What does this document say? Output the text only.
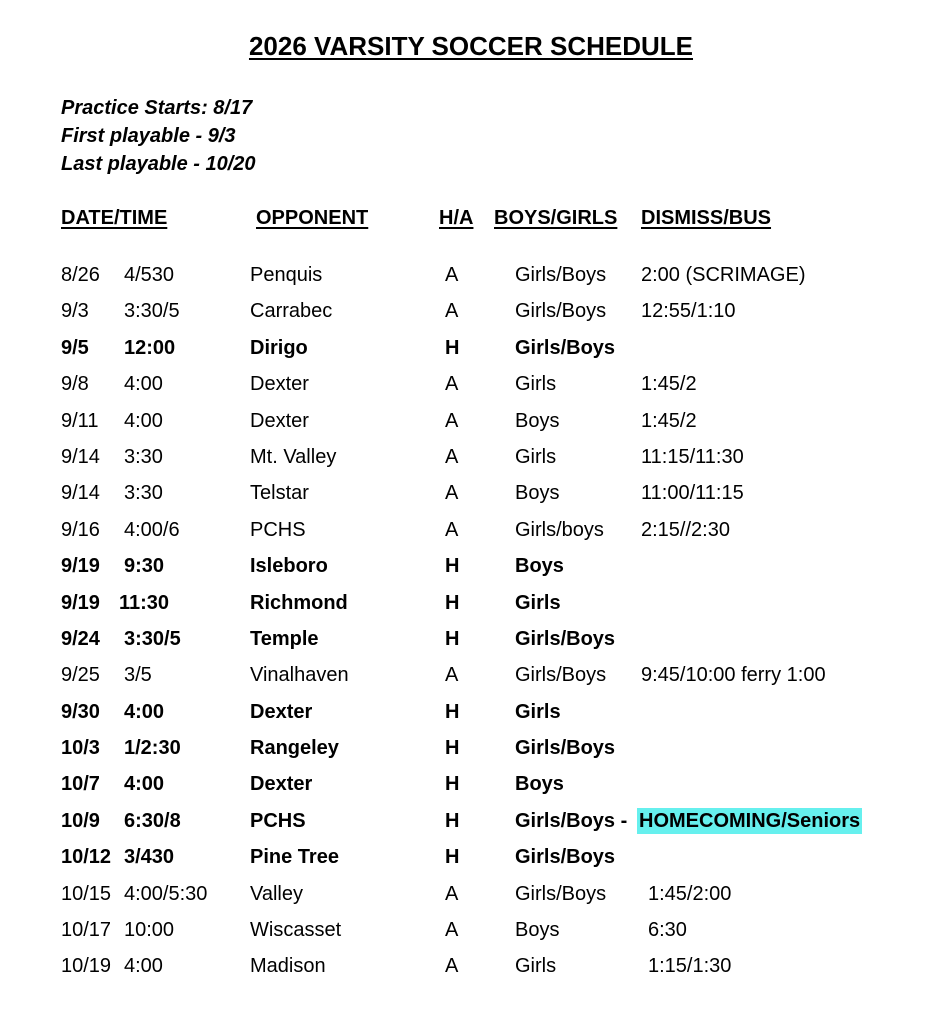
2026 VARSITY SOCCER SCHEDULE

Practice Starts: 8/17

First playable - 9/3

Last playable - 10/20

DATE/TIME	OPPONENT	H/A BOYS/GIRLS DISMISS/BUS

8/26 4/530	Penquis	A	Girls/Boys 2:00 (SCRIMAGE)
9/3 3:30/5	Carrabec	A	Girls/Boys 12:55/1:10
9/5 12:00	Dirigo	H	Girls/Boys
9/8 4:00	Dexter	A	Girls	1:45/2
9/11 4:00	Dexter	A	Boys	1:45/2
9/14 3:30	Mt. Valley	A	Girls	11:15/11:30
9/14 3:30	Telstar	A	Boys	11:00/11:15
9/16 4:00/6	PCHS	A	Girls/boys 2:15//2:30
9/19 9:30	Isleboro	H	Boys
9/19 11:30	Richmond	H	Girls
9/24 3:30/5	Temple	H	Girls/Boys
9/25 3/5	Vinalhaven	A	Girls/Boys 9:45/10:00 ferry 1:00
9/30 4:00	Dexter	H	Girls
10/3 1/2:30	Rangeley	H	Girls/Boys
10/7 4:00	Dexter	H	Boys
10/9 6:30/8	PCHS	H	Girls/Boys - HOMECOMING/Seniors
10/12 3/430	Pine Tree	H	Girls/Boys
10/15 4:00/5:30 Valley	A	Girls/Boys 1:45/2:00
10/17 10:00	Wiscasset	A	Boys	6:30
10/19 4:00	Madison	A	Girls	1:15/1:30
